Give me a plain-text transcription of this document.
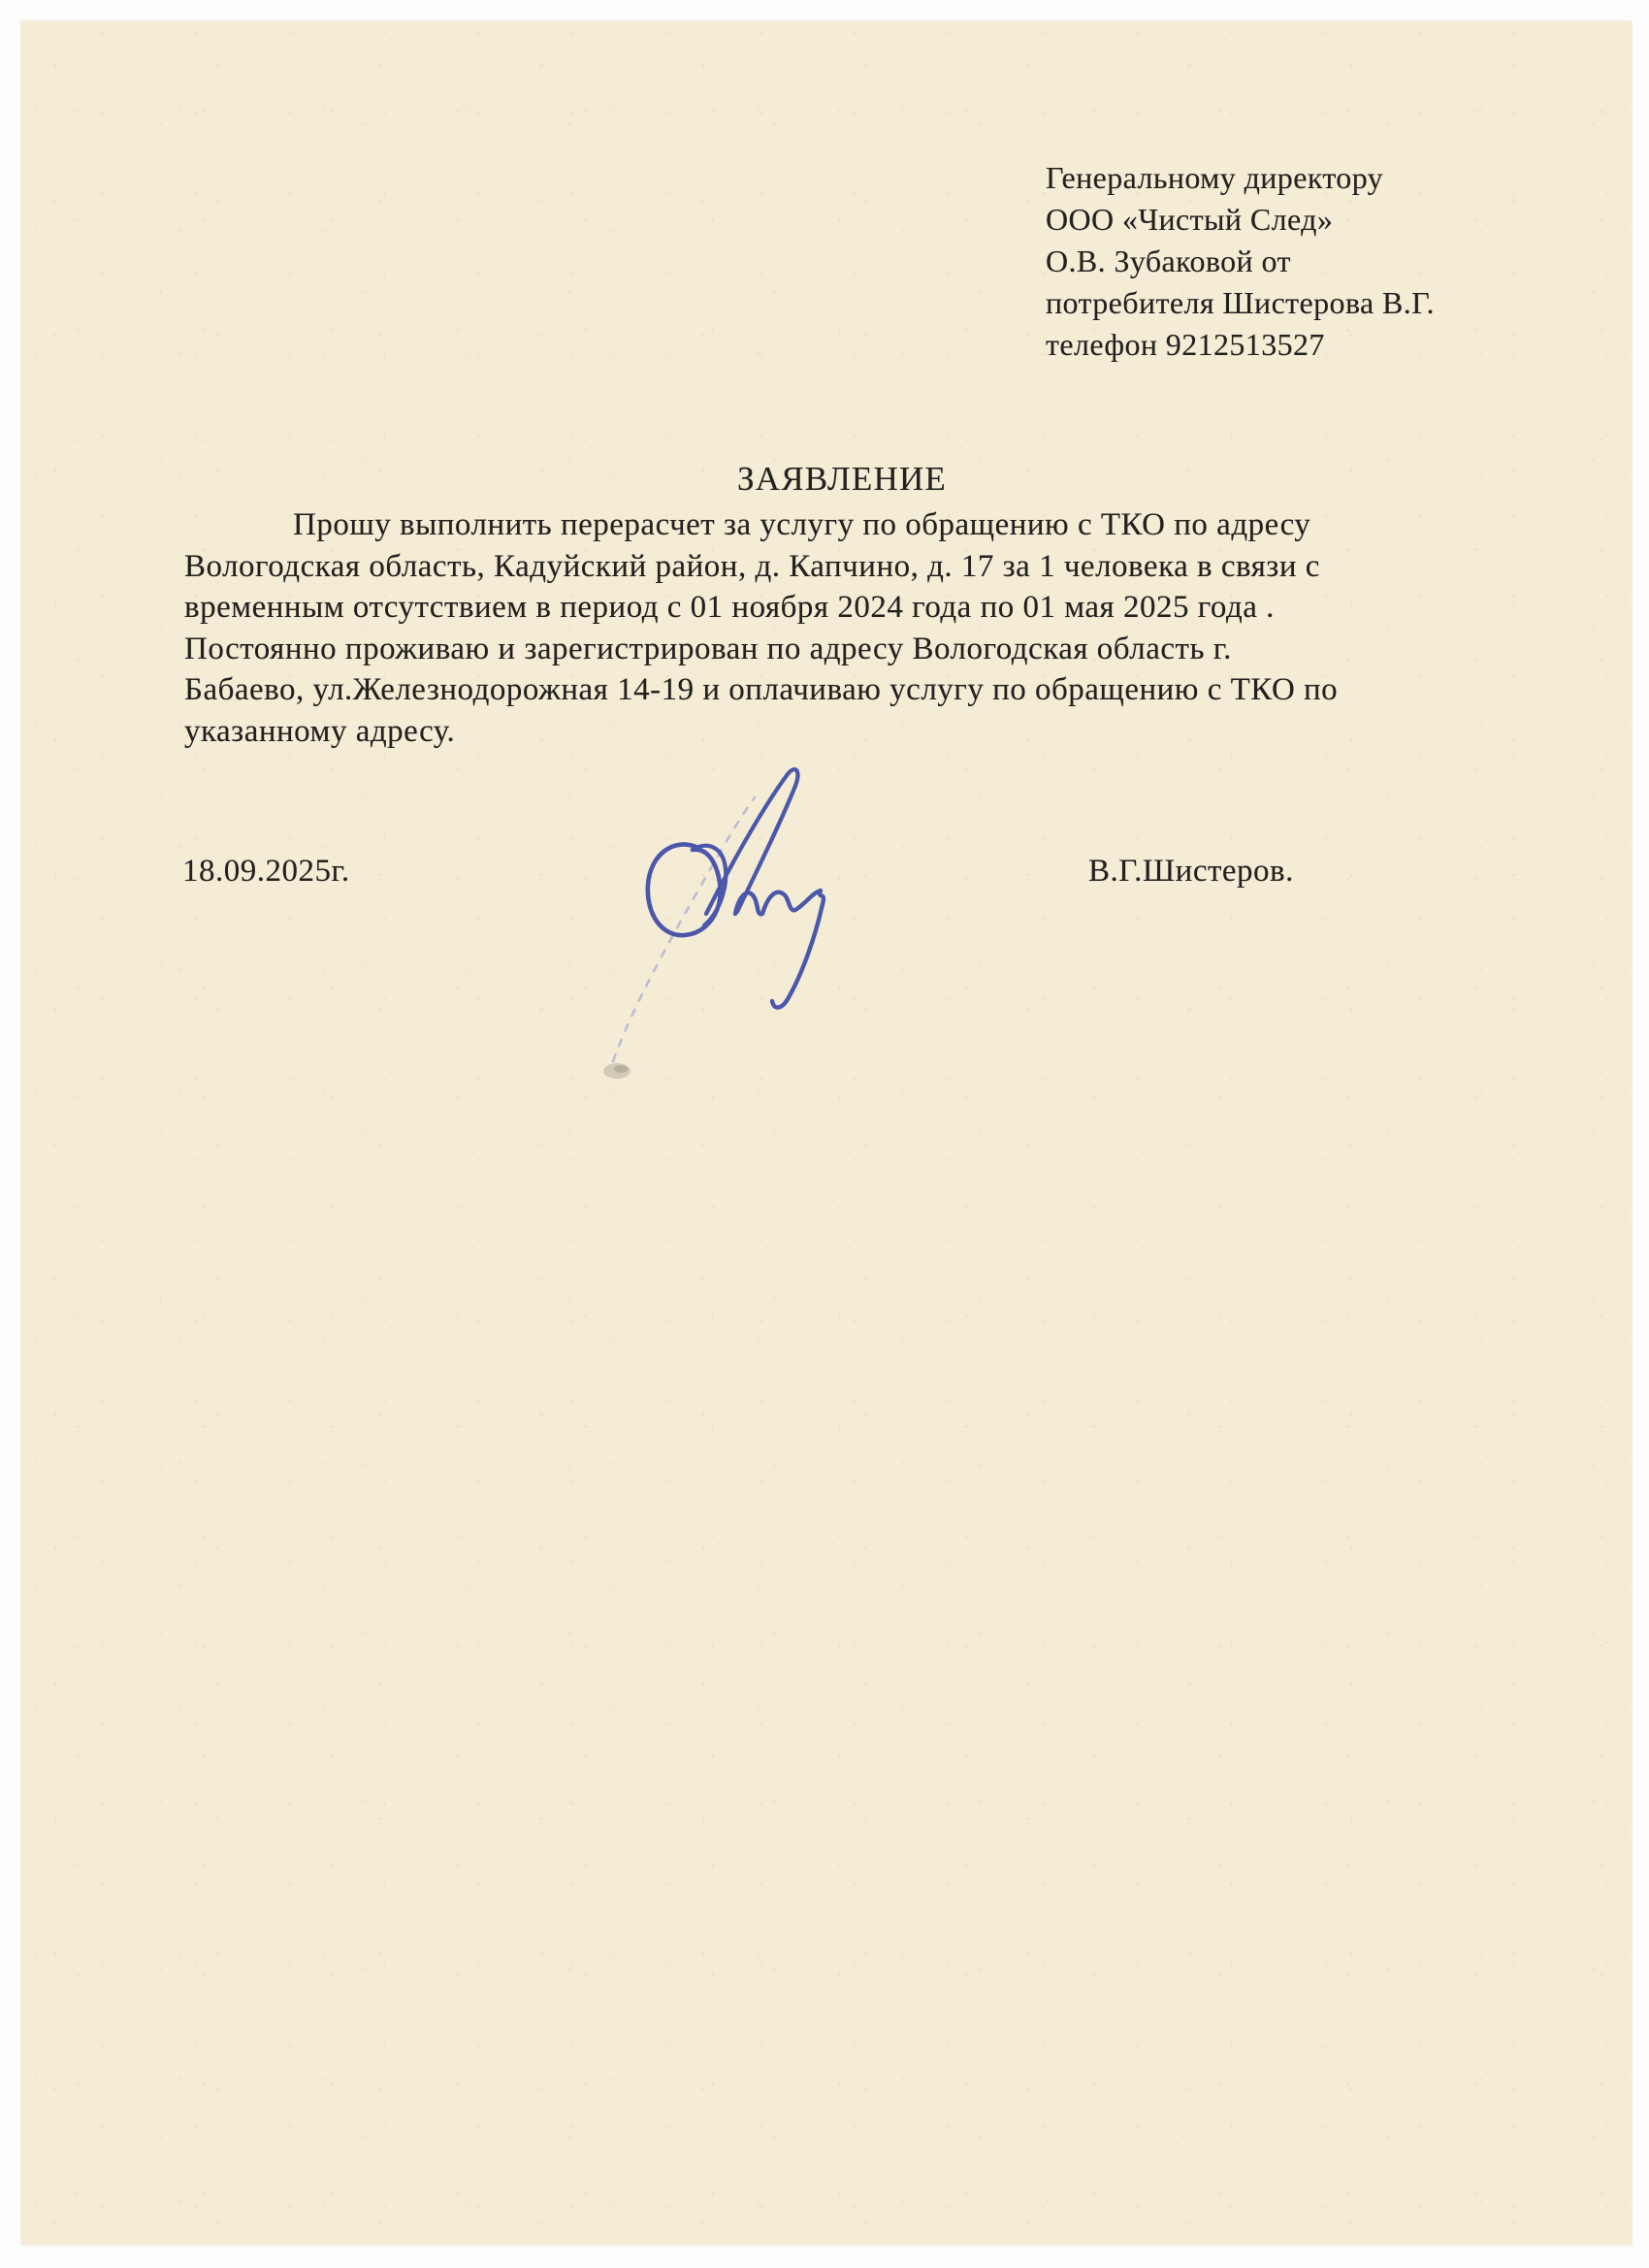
Генеральному директору
ООО «Чистый След»
О.В. Зубаковой от
потребителя Шистерова В.Г.
телефон 9212513527
ЗАЯВЛЕНИЕ
Прошу выполнить перерасчет за услугу по обращению с ТКО по адресу
Вологодская область, Кадуйский район, д. Капчино, д. 17 за 1 человека в связи с
временным отсутствием в период с 01 ноября 2024 года по 01 мая 2025 года .
Постоянно проживаю и зарегистрирован по адресу Вологодская область г.
Бабаево, ул.Железнодорожная 14-19 и оплачиваю услугу по обращению с ТКО по
указанному адресу.
18.09.2025г.	В.Г.Шистеров.
